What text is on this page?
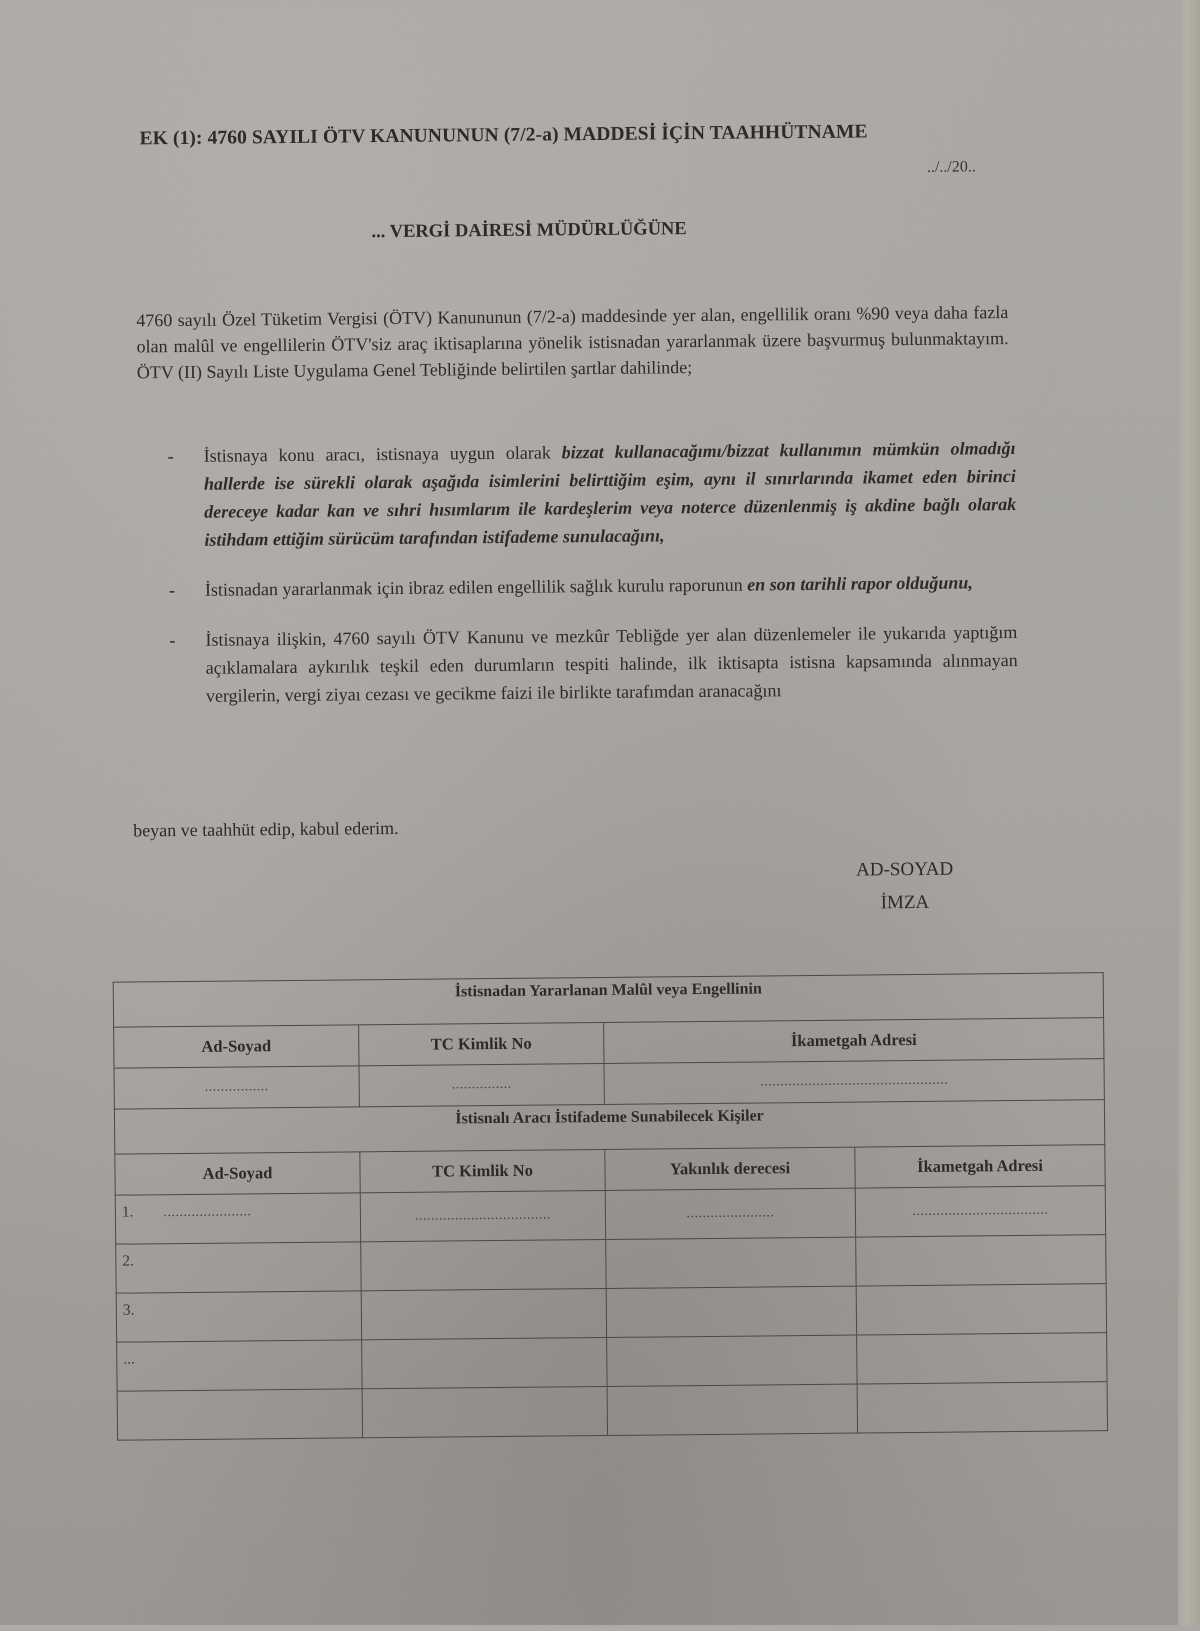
EK (1): 4760 SAYILI ÖTV KANUNUNUN (7/2-a) MADDESİ İÇİN TAAHHÜTNAME
../../20..
... VERGİ DAİRESİ MÜDÜRLÜĞÜNE

4760 sayılı Özel Tüketim Vergisi (ÖTV) Kanununun (7/2-a) maddesinde yer alan, engellilik oranı %90 veya daha fazla olan malûl ve engellilerin ÖTV'siz araç iktisaplarına yönelik istisnadan yararlanmak üzere başvurmuş bulunmaktayım. ÖTV (II) Sayılı Liste Uygulama Genel Tebliğinde belirtilen şartlar dahilinde;

- İstisnaya konu aracı, istisnaya uygun olarak bizzat kullanacağımı/bizzat kullanımın mümkün olmadığı hallerde ise sürekli olarak aşağıda isimlerini belirttiğim eşim, aynı il sınırlarında ikamet eden birinci dereceye kadar kan ve sıhri hısımlarım ile kardeşlerim veya noterce düzenlenmiş iş akdine bağlı olarak istihdam ettiğim sürücüm tarafından istifademe sunulacağını,
- İstisnadan yararlanmak için ibraz edilen engellilik sağlık kurulu raporunun en son tarihli rapor olduğunu,
- İstisnaya ilişkin, 4760 sayılı ÖTV Kanunu ve mezkûr Tebliğde yer alan düzenlemeler ile yukarıda yaptığım açıklamalara aykırılık teşkil eden durumların tespiti halinde, ilk iktisapta istisna kapsamında alınmayan vergilerin, vergi ziyaı cezası ve gecikme faizi ile birlikte tarafımdan aranacağını
beyan ve taahhüt edip, kabul ederim.
AD-SOYAD
İMZA
İstisnadan Yararlanan Malûl veya Engellinin			
Ad-Soyad	TC Kimlik No	İkametgah Adresi	
................	...............	...............................................	
İstisnalı Aracı İstifademe Sunabilecek Kişiler			
Ad-Soyad	TC Kimlik No	Yakınlık derecesi	İkametgah Adresi
1. ......................	..................................	......................	..................................
2.			
3.			
...			
